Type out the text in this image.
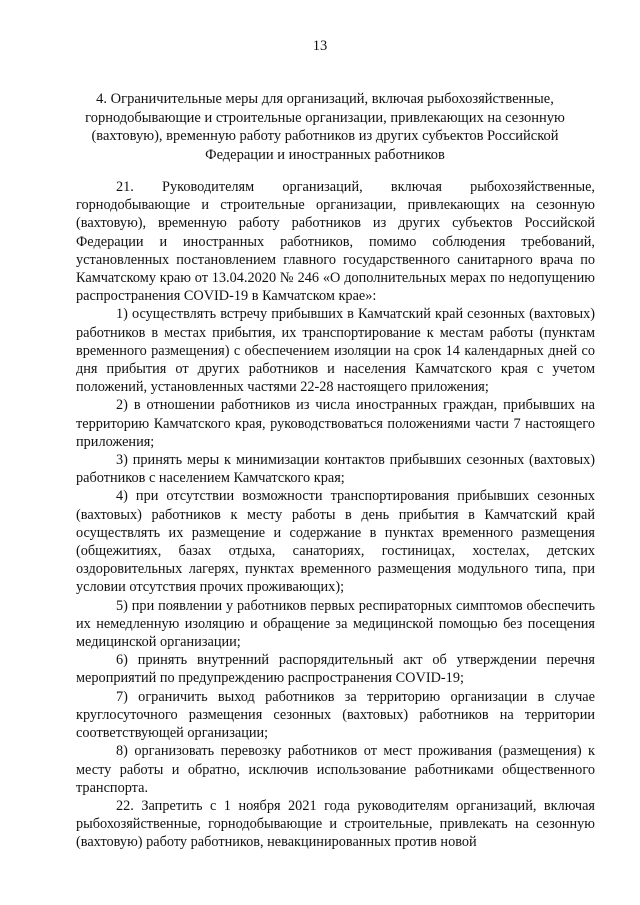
13
4. Ограничительные меры для организаций, включая рыбохозяйственные, горнодобывающие и строительные организации, привлекающих на сезонную (вахтовую), временную работу работников из других субъектов Российской Федерации и иностранных работников

21. Руководителям организаций, включая рыбохозяйственные, горнодобывающие и строительные организации, привлекающих на сезонную (вахтовую), временную работу работников из других субъектов Российской Федерации и иностранных работников, помимо соблюдения требований, установленных постановлением главного государственного санитарного врача по Камчатскому краю от 13.04.2020 № 246 «О дополнительных мерах по недопущению распространения COVID-19 в Камчатском крае»:

1) осуществлять встречу прибывших в Камчатский край сезонных (вахтовых) работников в местах прибытия, их транспортирование к местам работы (пунктам временного размещения) с обеспечением изоляции на срок 14 календарных дней со дня прибытия от других работников и населения Камчатского края с учетом положений, установленных частями 22-28 настоящего приложения;

2) в отношении работников из числа иностранных граждан, прибывших на территорию Камчатского края, руководствоваться положениями части 7 настоящего приложения;

3) принять меры к минимизации контактов прибывших сезонных (вахтовых) работников с населением Камчатского края;

4) при отсутствии возможности транспортирования прибывших сезонных (вахтовых) работников к месту работы в день прибытия в Камчатский край осуществлять их размещение и содержание в пунктах временного размещения (общежитиях, базах отдыха, санаториях, гостиницах, хостелах, детских оздоровительных лагерях, пунктах временного размещения модульного типа, при условии отсутствия прочих проживающих);

5) при появлении у работников первых респираторных симптомов обеспечить их немедленную изоляцию и обращение за медицинской помощью без посещения медицинской организации;

6) принять внутренний распорядительный акт об утверждении перечня мероприятий по предупреждению распространения COVID-19;

7) ограничить выход работников за территорию организации в случае круглосуточного размещения сезонных (вахтовых) работников на территории соответствующей организации;

8) организовать перевозку работников от мест проживания (размещения) к месту работы и обратно, исключив использование работниками общественного транспорта.

22. Запретить с 1 ноября 2021 года руководителям организаций, включая рыбохозяйственные, горнодобывающие и строительные, привлекать на сезонную (вахтовую) работу работников, невакцинированных против новой
